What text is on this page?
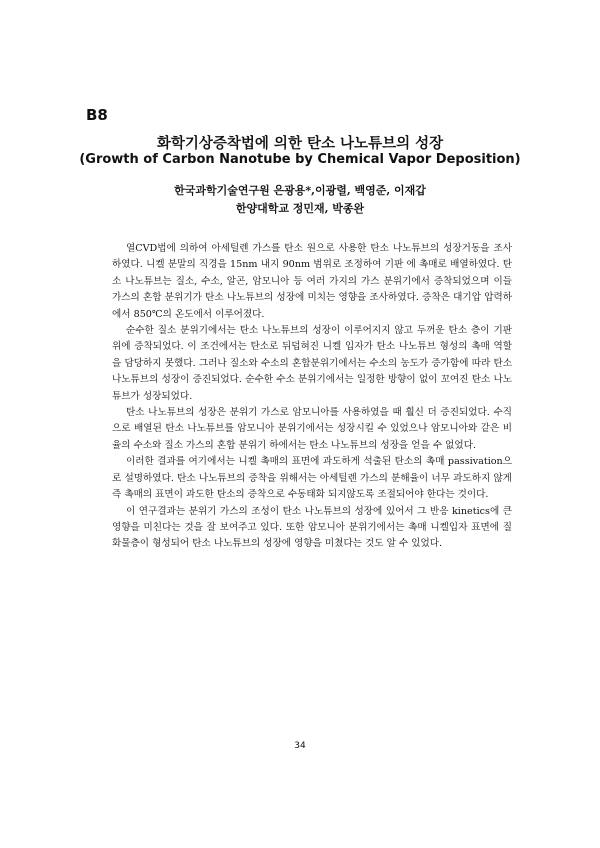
B8
화학기상증착법에 의한 탄소 나노튜브의 성장
(Growth of Carbon Nanotube by Chemical Vapor Deposition)
한국과학기술연구원 은광용*,이광렬, 백영준, 이재갑
한양대학교 정민재, 박종완

열CVD법에 의하여 아세틸렌 가스를 탄소 원으로 사용한 탄소 나노튜브의 성장거동을 조사하였다. 니켈 분말의 직경을 15nm 내지 90nm 범위로 조정하여 기판 에 촉매로 배열하였다. 탄소 나노튜브는 질소, 수소, 알곤, 암모니아 등 여러 가지의 가스 분위기에서 증착되었으며 이들 가스의 혼합 분위기가 탄소 나노튜브의 성장에 미치는 영향을 조사하였다. 증착은 대기압 압력하에서 850℃의 온도에서 이루어졌다.

순수한 질소 분위기에서는 탄소 나노튜브의 성장이 이루어지지 않고 두꺼운 탄소 층이 기판 위에 증착되었다. 이 조건에서는 탄소로 뒤덥혀진 니켈 입자가 탄소 나노튜브 형성의 촉매 역할을 담당하지 못했다. 그러나 질소와 수소의 혼합분위기에서는 수소의 농도가 증가함에 따라 탄소 나노튜브의 성장이 증진되었다. 순수한 수소 분위기에서는 일정한 방향이 없이 꼬여진 탄소 나노튜브가 성장되었다.

탄소 나노튜브의 성장은 분위기 가스로 암모니아를 사용하였을 때 훨신 더 증진되었다. 수직으로 배열된 탄소 나노튜브를 암모니아 분위기에서는 성장시킬 수 있었으나 암모니아와 같은 비율의 수소와 질소 가스의 혼합 분위기 하에서는 탄소 나노튜브의 성장을 얻을 수 없었다.

이러한 결과를 여기에서는 니켈 촉매의 표면에 과도하게 석출된 탄소의 촉매 passivation으로 설명하였다. 탄소 나노튜브의 증착을 위해서는 아세틸렌 가스의 분해율이 너무 과도하지 않게 즉 촉매의 표면이 과도한 탄소의 증착으로 수동태화 되지않도록 조절되어야 한다는 것이다.

이 연구결과는 분위기 가스의 조성이 탄소 나노튜브의 성장에 있어서 그 반응 kinetics에 큰 영향을 미친다는 것을 잘 보여주고 있다. 또한 암모니아 분위기에서는 촉매 니켈입자 표면에 질화물층이 형성되어 탄소 나노튜브의 성장에 영향을 미쳤다는 것도 알 수 있었다.

34
